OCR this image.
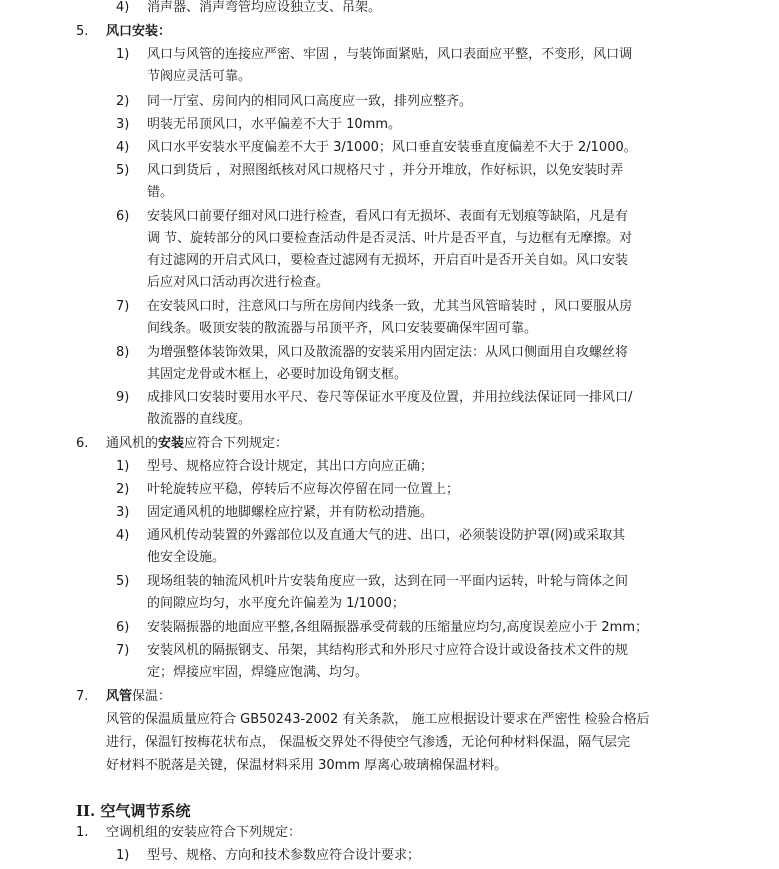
4) 消声器、消声弯管均应设独立支、吊架。
5. 风口安装：
1) 风口与风管的连接应严密、牢固 ，与装饰面紧贴，风口表面应平整，不变形，风口调
节阀应灵活可靠。
2) 同一厅室、房间内的相同风口高度应一致，排列应整齐。
3) 明装无吊顶风口，水平偏差不大于 10mm。
4) 风口水平安装水平度偏差不大于 3/1000；风口垂直安装垂直度偏差不大于 2/1000。
5) 风口到货后 ，对照图纸核对风口规格尺寸 ，并分开堆放，作好标识，以免安装时弄
错。
6) 安装风口前要仔细对风口进行检查，看风口有无损坏、表面有无划痕等缺陷，凡是有
调 节、旋转部分的风口要检查活动件是否灵活、叶片是否平直，与边框有无摩擦。对
有过滤网的开启式风口，要检查过滤网有无损坏，开启百叶是否开关自如。风口安装
后应对风口活动再次进行检查。
7) 在安装风口时，注意风口与所在房间内线条一致，尤其当风管暗装时 ，风口要服从房
间线条。吸顶安装的散流器与吊顶平齐，风口安装要确保牢固可靠。
8) 为增强整体装饰效果，风口及散流器的安装采用内固定法：从风口侧面用自攻螺丝将
其固定龙骨或木框上，必要时加设角钢支框。
9) 成排风口安装时要用水平尺、卷尺等保证水平度及位置，并用拉线法保证同一排风口/
散流器的直线度。
6. 通风机的安装应符合下列规定：
1) 型号、规格应符合设计规定，其出口方向应正确；
2) 叶轮旋转应平稳，停转后不应每次停留在同一位置上；
3) 固定通风机的地脚螺栓应拧紧，并有防松动措施。
4) 通风机传动装置的外露部位以及直通大气的进、出口，必须装设防护罩(网)或采取其
他安全设施。
5) 现场组装的轴流风机叶片安装角度应一致，达到在同一平面内运转，叶轮与筒体之间
的间隙应均匀，水平度允许偏差为 1/1000；
6) 安装隔振器的地面应平整,各组隔振器承受荷载的压缩量应均匀,高度误差应小于 2mm；
7) 安装风机的隔振钢支、吊架，其结构形式和外形尺寸应符合设计或设备技术文件的规
定；焊接应牢固，焊缝应饱满、均匀。
7. 风管保温：
风管的保温质量应符合 GB50243-2002 有关条款， 施工应根据设计要求在严密性 检验合格后
进行，保温钉按梅花状布点， 保温板交界处不得使空气渗透，无论何种材料保温，隔气层完
好材料不脱落是关键，保温材料采用 30mm 厚离心玻璃棉保温材料。
II. 空气调节系统
1. 空调机组的安装应符合下列规定：
1) 型号、规格、方向和技术参数应符合设计要求；
